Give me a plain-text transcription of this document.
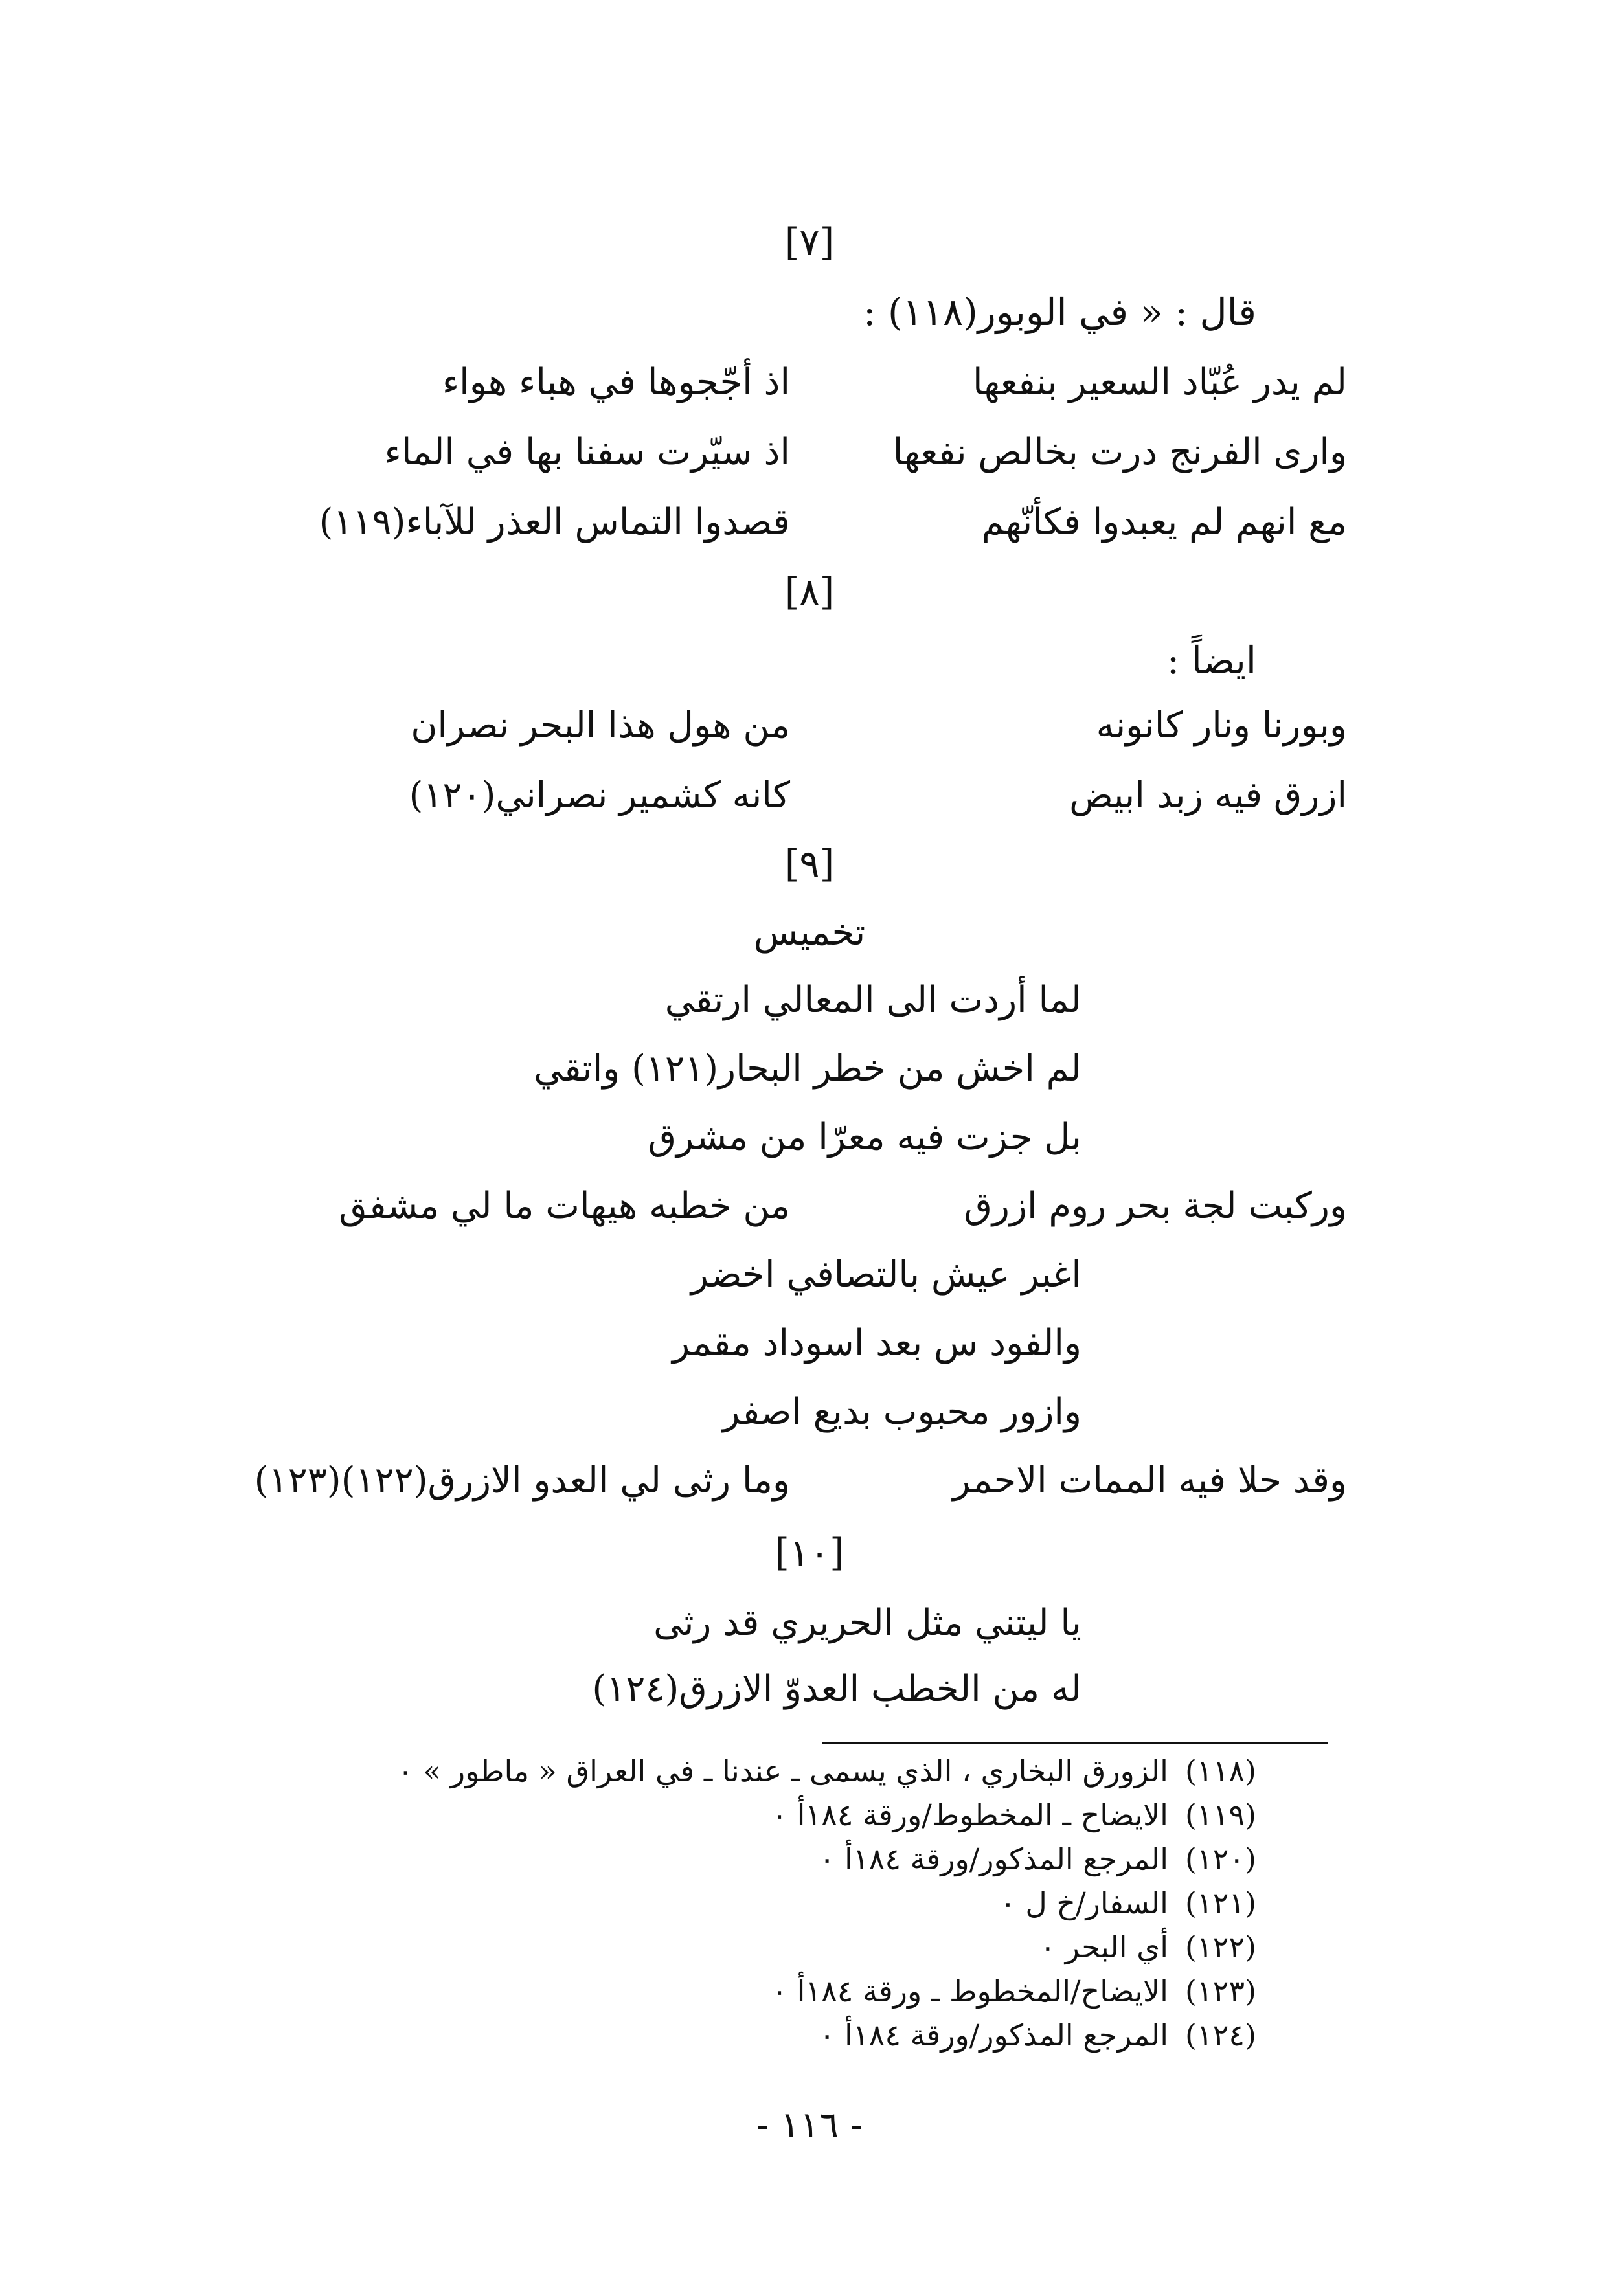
[٧]
قال : « في الوبور(١١٨) :
لم يدر عُبّاد السعير بنفعها
اذ أجّجوها في هباء هواء
وارى الفرنج درت بخالص نفعها
اذ سيّرت سفنا بها في الماء
مع انهم لم يعبدوا فكأنّهم
قصدوا التماس العذر للآباء(١١٩)
[٨]
ايضاً :
وبورنا ونار كانونه
من هول هذا البحر نصران
ازرق فيه زبد ابيض
كانه كشمير نصراني(١٢٠)
[٩]
تخميس
لما أردت الى المعالي ارتقي
لم اخش من خطر البحار(١٢١) واتقي
بل جزت فيه معرّا من مشرق
وركبت لجة بحر روم ازرق
من خطبه هيهات ما لي مشفق
اغبر عيش بالتصافي اخضر
والفود س بعد اسوداد مقمر
وازور محبوب بديع اصفر
وقد حلا فيه الممات الاحمر
وما رثى لي العدو الازرق(١٢٢)(١٢٣)
[١٠]
يا ليتني مثل الحريري قد رثى
له من الخطب العدوّ الازرق(١٢٤)
(١١٨)الزورق البخاري ، الذي يسمى ـ عندنا ـ في العراق « ماطور » ٠
(١١٩)الايضاح ـ المخطوط/ورقة ١٨٤أ ٠
(١٢٠)المرجع المذكور/ورقة ١٨٤أ ٠
(١٢١)السفار/خ ل ٠
(١٢٢)أي البحر ٠
(١٢٣)الايضاح/المخطوط ـ ورقة ١٨٤أ ٠
(١٢٤)المرجع المذكور/ورقة ١٨٤أ ٠
- ١١٦ -
